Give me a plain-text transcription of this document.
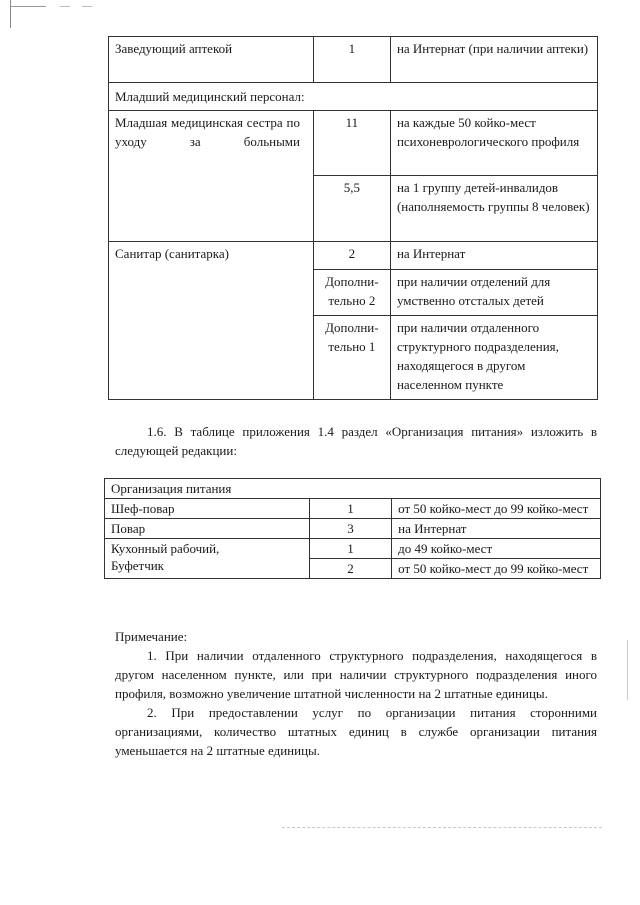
Заведующий аптекой	1	на Интернат (при наличии аптеки)
Младший медицинский персонал:		

Младшая медицинская сестра по уходу за больными	11	на каждые 50 койко-мест психоневрологического профиля
	5,5	на 1 группу детей-инвалидов (наполняемость группы 8 человек)
Санитар (санитарка)	2	на Интернат
	Дополни-тельно 2	при наличии отделений для умственно отсталых детей
	Дополни-тельно 1	при наличии отдаленного структурного подразделения, находящегося в другом населенном пункте
1.6. В таблице приложения 1.4 раздел «Организация питания» изложить в следующей редакции:
Организация питания		
Шеф-повар	1	от 50 койко-мест до 99 койко-мест

Повар	3	на Интернат

Кухонный рабочий, Буфетчик	1	до 49 койко-мест
	2	от 50 койко-мест до 99 койко-мест

Примечание:

1. При наличии отдаленного структурного подразделения, находящегося в другом населенном пункте, или при наличии структурного подразделения иного профиля, возможно увеличение штатной численности на 2 штатные единицы.

2. При предоставлении услуг по организации питания сторонними организациями, количество штатных единиц в службе организации питания уменьшается на 2 штатные единицы.
